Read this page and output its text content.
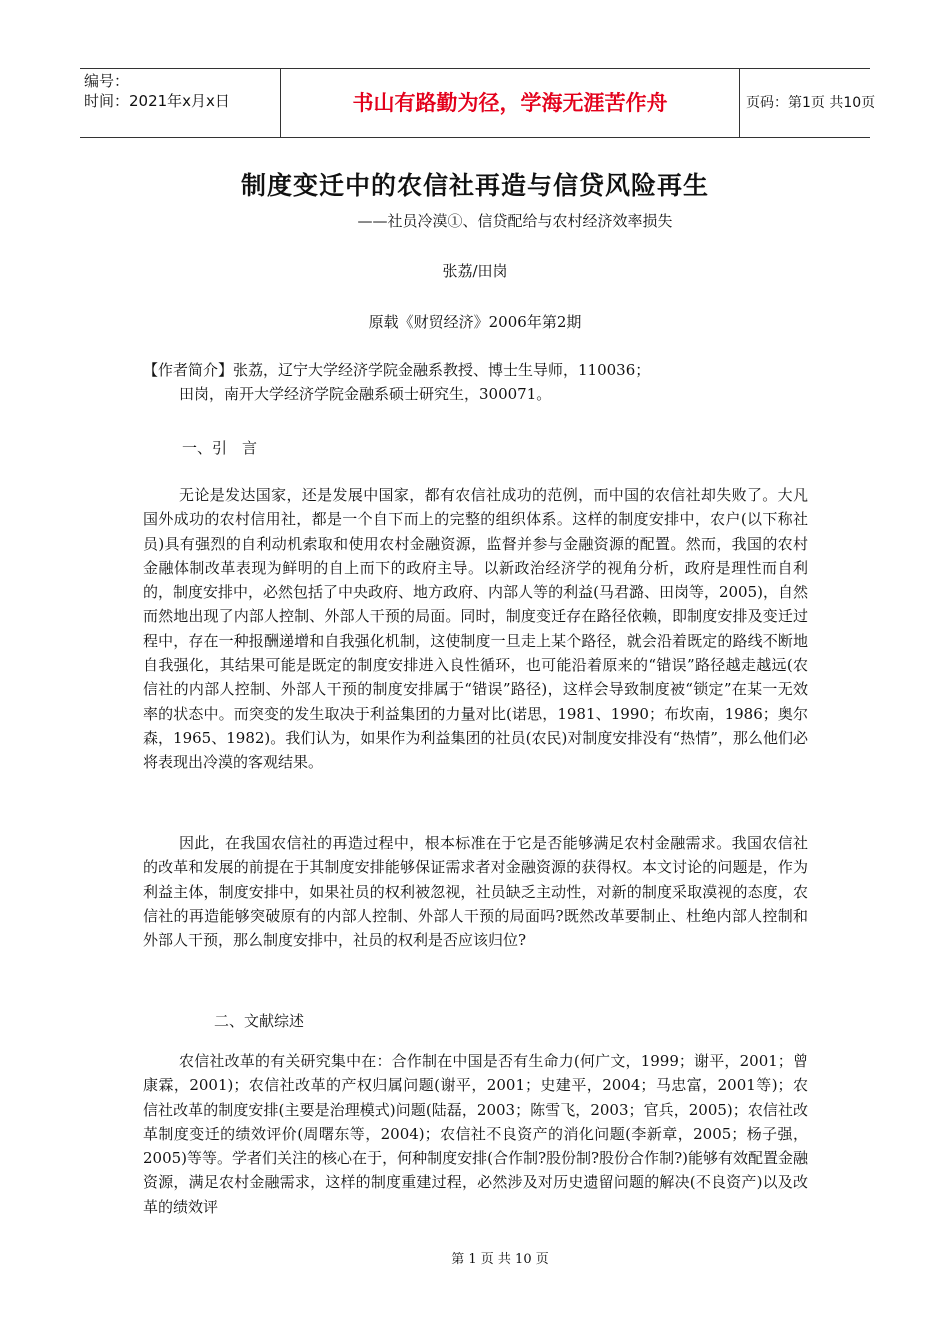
编号：
时间：2021年x月x日	书山有路勤为径，学海无涯苦作舟	页码：第1页 共10页
制度变迁中的农信社再造与信贷风险再生
——社员冷漠①、信贷配给与农村经济效率损失
张荔/田岗
原载《财贸经济》2006年第2期
【作者简介】张荔，辽宁大学经济学院金融系教授、博士生导师，110036；
田岗，南开大学经济学院金融系硕士研究生，300071。
一、引　言
无论是发达国家，还是发展中国家，都有农信社成功的范例，而中国的农信社却失败了。大凡国外成功的农村信用社，都是一个自下而上的完整的组织体系。这样的制度安排中，农户(以下称社员)具有强烈的自利动机索取和使用农村金融资源，监督并参与金融资源的配置。然而，我国的农村金融体制改革表现为鲜明的自上而下的政府主导。以新政治经济学的视角分析，政府是理性而自利的，制度安排中，必然包括了中央政府、地方政府、内部人等的利益(马君潞、田岗等，2005)，自然而然地出现了内部人控制、外部人干预的局面。同时，制度变迁存在路径依赖，即制度安排及变迁过程中，存在一种报酬递增和自我强化机制，这使制度一旦走上某个路径，就会沿着既定的路线不断地自我强化，其结果可能是既定的制度安排进入良性循环，也可能沿着原来的“错误”路径越走越远(农信社的内部人控制、外部人干预的制度安排属于“错误”路径)，这样会导致制度被“锁定”在某一无效率的状态中。而突变的发生取决于利益集团的力量对比(诺思，1981、1990；布坎南，1986；奥尔森，1965、1982)。我们认为，如果作为利益集团的社员(农民)对制度安排没有“热情”，那么他们必将表现出冷漠的客观结果。
因此，在我国农信社的再造过程中，根本标准在于它是否能够满足农村金融需求。我国农信社的改革和发展的前提在于其制度安排能够保证需求者对金融资源的获得权。本文讨论的问题是，作为利益主体，制度安排中，如果社员的权利被忽视，社员缺乏主动性，对新的制度采取漠视的态度，农信社的再造能够突破原有的内部人控制、外部人干预的局面吗?既然改革要制止、杜绝内部人控制和外部人干预，那么制度安排中，社员的权利是否应该归位?
二、文献综述
农信社改革的有关研究集中在：合作制在中国是否有生命力(何广文，1999；谢平，2001；曾康霖，2001)；农信社改革的产权归属问题(谢平，2001；史建平，2004；马忠富，2001等)；农信社改革的制度安排(主要是治理模式)问题(陆磊，2003；陈雪飞，2003；官兵，2005)；农信社改革制度变迁的绩效评价(周曙东等，2004)；农信社不良资产的消化问题(李新章，2005；杨子强，2005)等等。学者们关注的核心在于，何种制度安排(合作制?股份制?股份合作制?)能够有效配置金融资源，满足农村金融需求，这样的制度重建过程，必然涉及对历史遗留问题的解决(不良资产)以及改革的绩效评
第 1 页 共 10 页
